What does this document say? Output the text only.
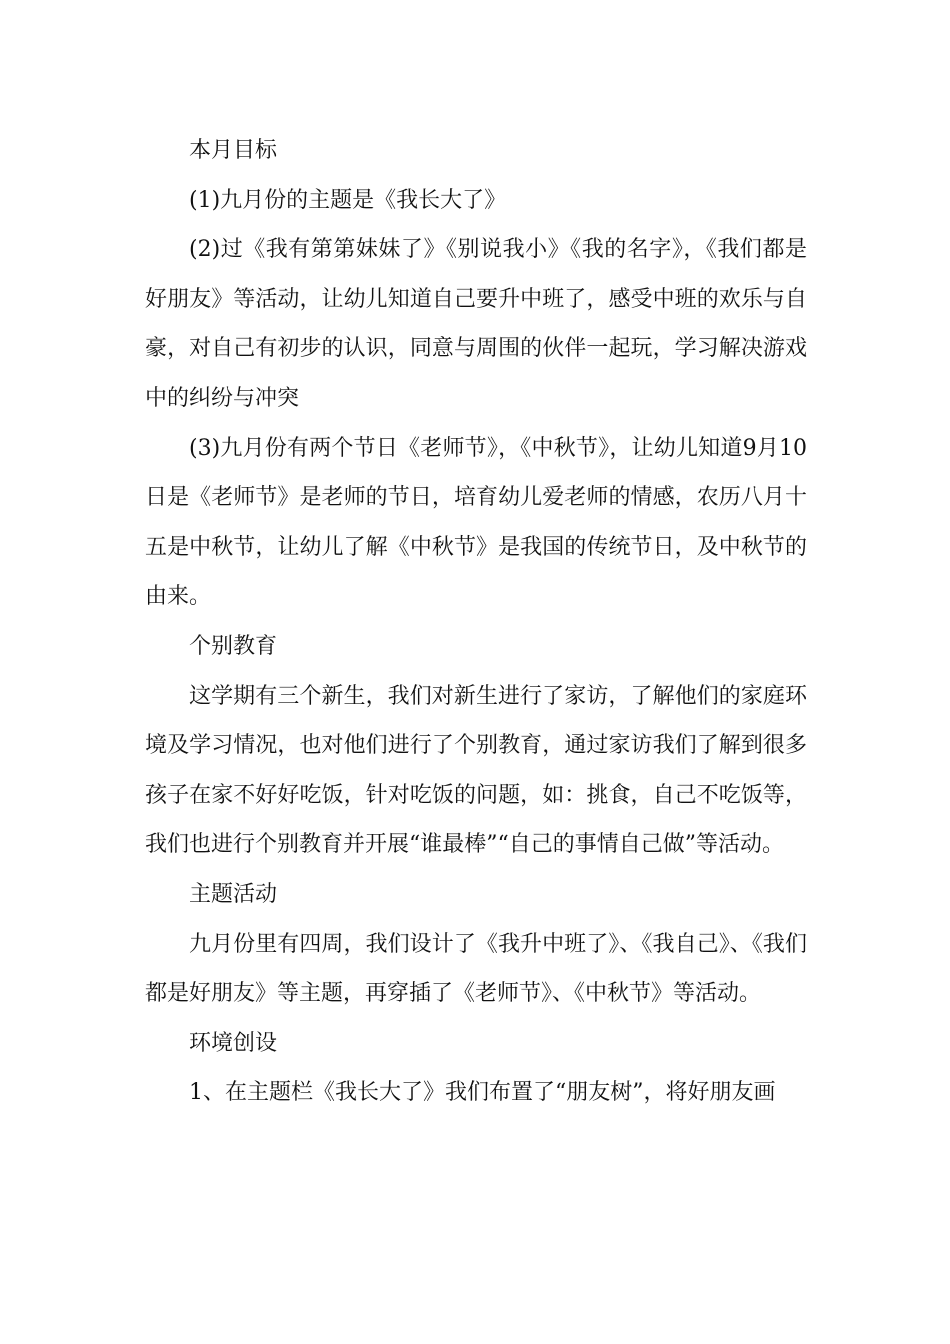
本月目标

(1)九月份的主题是《我长大了》

(2)过《我有第第妹妹了》《别说我小》《我的名字》，《我们都是好朋友》等活动，让幼儿知道自己要升中班了，感受中班的欢乐与自豪，对自己有初步的认识，同意与周围的伙伴一起玩，学习解决游戏中的纠纷与冲突

(3)九月份有两个节日《老师节》，《中秋节》，让幼儿知道9月10日是《老师节》是老师的节日，培育幼儿爱老师的情感，农历八月十五是中秋节，让幼儿了解《中秋节》是我国的传统节日，及中秋节的由来。

个别教育

这学期有三个新生，我们对新生进行了家访，了解他们的家庭环境及学习情况，也对他们进行了个别教育，通过家访我们了解到很多孩子在家不好好吃饭，针对吃饭的问题，如：挑食，自己不吃饭等，我们也进行个别教育并开展“谁最棒”“自己的事情自己做”等活动。

主题活动

九月份里有四周，我们设计了《我升中班了》、《我自己》、《我们都是好朋友》等主题，再穿插了《老师节》、《中秋节》等活动。

环境创设

1、在主题栏《我长大了》我们布置了“朋友树”，将好朋友画
